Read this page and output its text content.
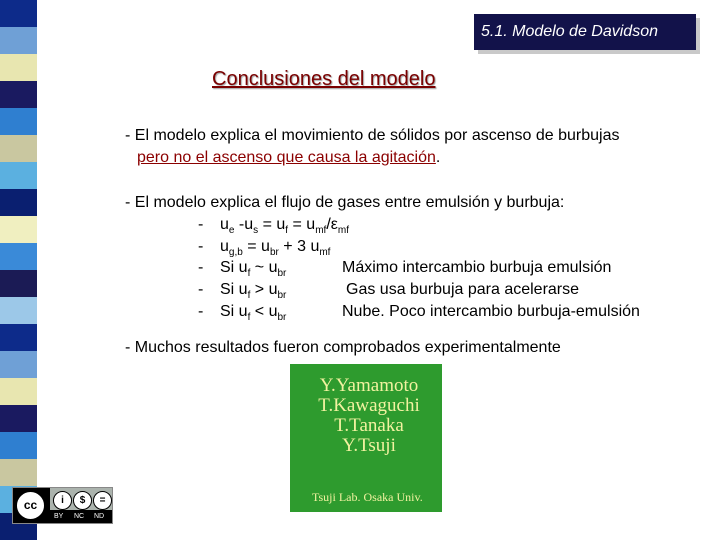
5.1. Modelo de Davidson
Conclusiones del modelo
- El modelo explica el movimiento de sólidos por ascenso de burbujas
pero no el ascenso que causa la agitación.
- El modelo explica el flujo de gases entre emulsión y burbuja:
- $u_e$ $-u_s = u_f = u_{mf}/\varepsilon_{mf}$
- $u_{g,b} = u_{br} + 3$ $u_{mf}$
- Si $u_f$ ~ $u_{br}$	Máximo intercambio burbuja emulsión
- Si $u_f > u_{br}$	Gas usa burbuja para acelerarse
- Si $u_f < u_{br}$	Nube. Poco intercambio burbuja-emulsión
- Muchos resultados fueron comprobados experimentalmente
Y.Yamamoto
T.Kawaguchi
T.Tanaka
Y.Tsuji
Tsuji Lab. Osaka Univ.
cc	i	$	=
BY NC ND
